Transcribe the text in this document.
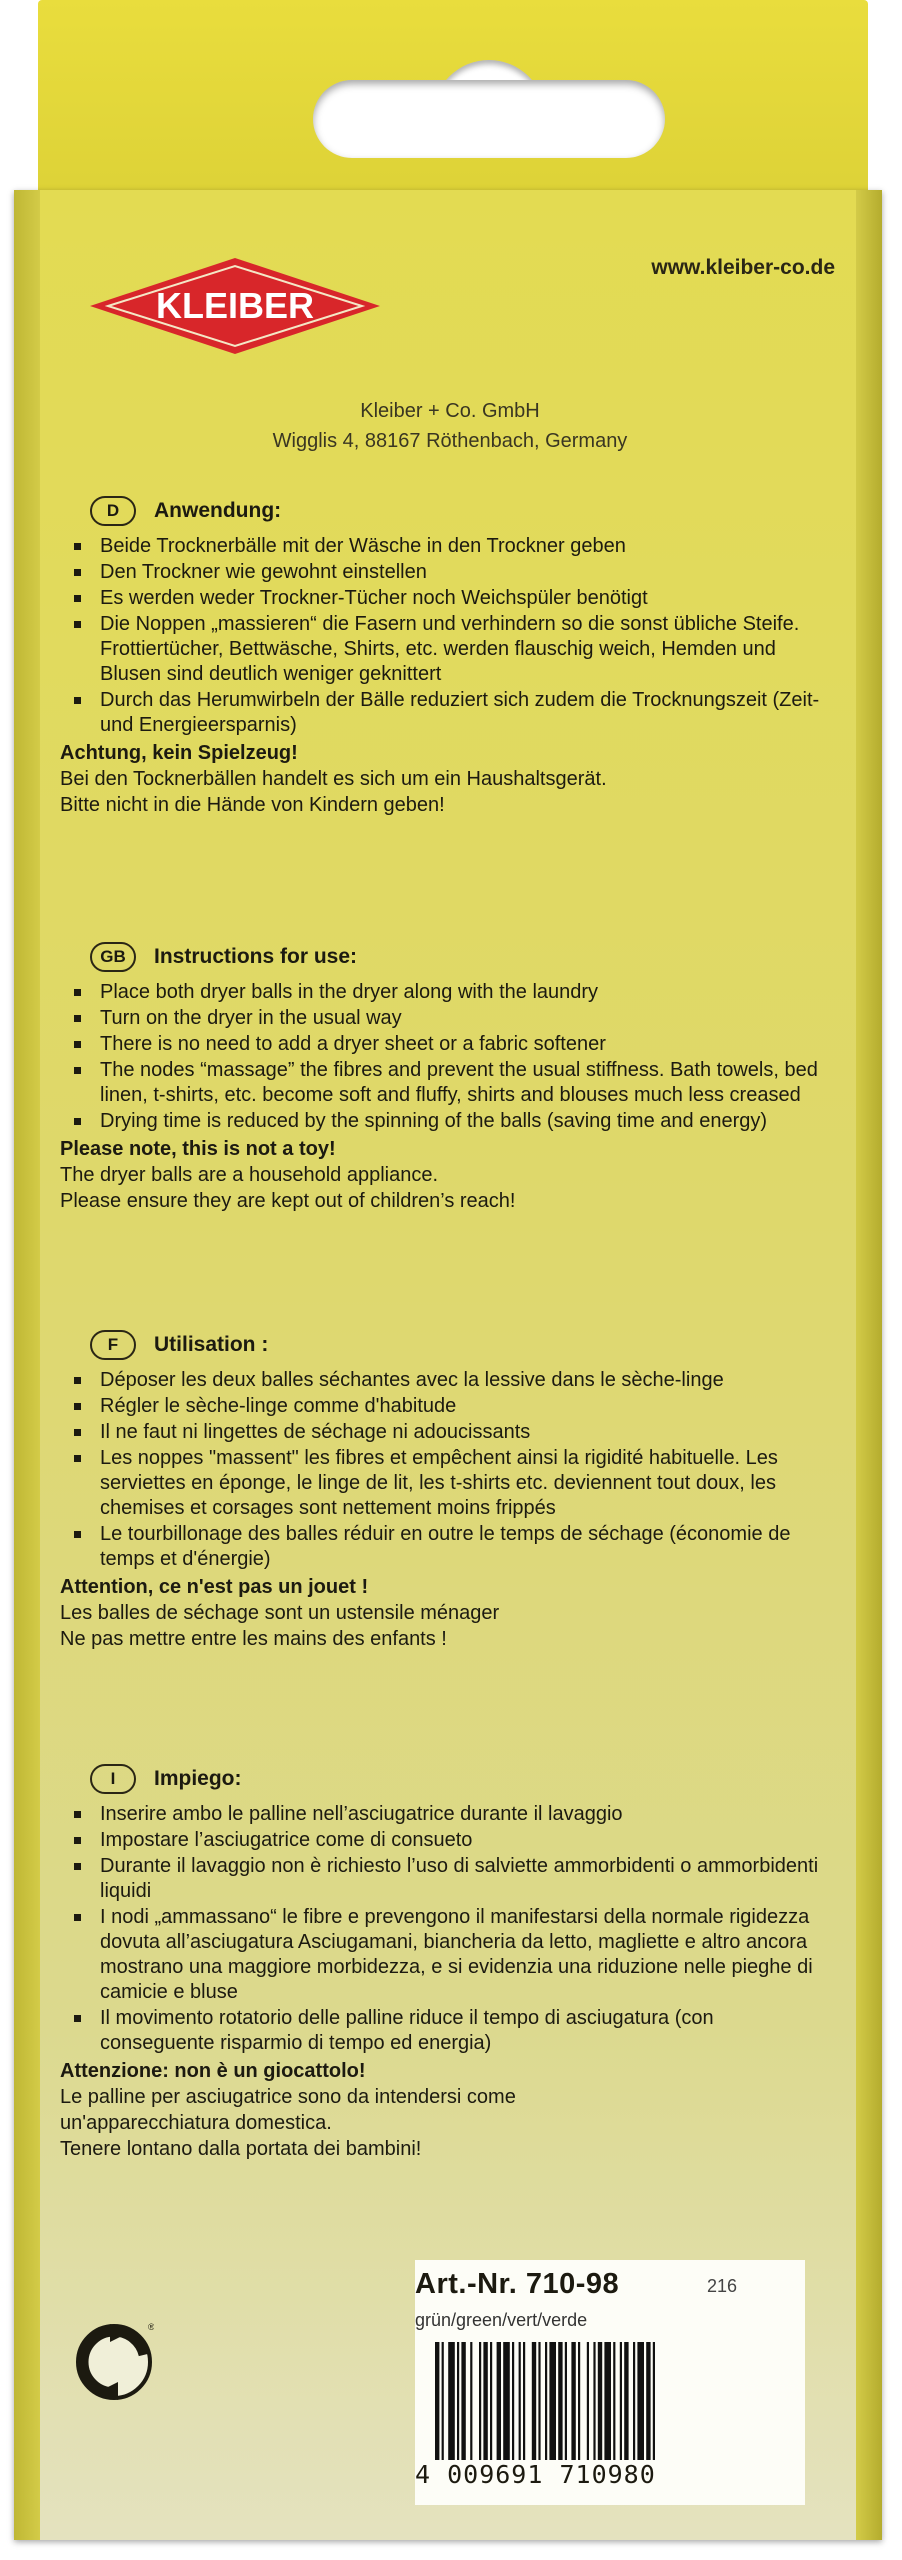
KLEIBER
www.kleiber-co.de
Kleiber + Co. GmbH
Wigglis 4, 88167 Röthenbach, Germany
D	Anwendung:
Beide Trocknerbälle mit der Wäsche in den Trockner geben
Den Trockner wie gewohnt einstellen
Es werden weder Trockner-Tücher noch Weichspüler benötigt
Die Noppen „massieren“ die Fasern und verhindern so die sonst übliche Steife. Frottiertücher, Bettwäsche, Shirts, etc. werden flauschig weich, Hemden und Blusen sind deutlich weniger geknittert
Durch das Herumwirbeln der Bälle reduziert sich zudem die Trocknungszeit (Zeit- und Energieersparnis)
Achtung, kein Spielzeug!
Bei den Tocknerbällen handelt es sich um ein Haushaltsgerät.
Bitte nicht in die Hände von Kindern geben!
GB	Instructions for use:
Place both dryer balls in the dryer along with the laundry
Turn on the dryer in the usual way
There is no need to add a dryer sheet or a fabric softener
The nodes “massage” the fibres and prevent the usual stiffness. Bath towels, bed linen, t-shirts, etc. become soft and fluffy, shirts and blouses much less creased
Drying time is reduced by the spinning of the balls (saving time and energy)
Please note, this is not a toy!
The dryer balls are a household appliance.
Please ensure they are kept out of children’s reach!
F	Utilisation :
Déposer les deux balles séchantes avec la lessive dans le sèche-linge
Régler le sèche-linge comme d'habitude
Il ne faut ni lingettes de séchage ni adoucissants
Les noppes "massent" les fibres et empêchent ainsi la rigidité habituelle. Les serviettes en éponge, le linge de lit, les t-shirts etc. deviennent tout doux, les chemises et corsages sont nettement moins frippés
Le tourbillonage des balles réduir en outre le temps de séchage (économie de temps et d'énergie)
Attention, ce n'est pas un jouet !
Les balles de séchage sont un ustensile ménager
Ne pas mettre entre les mains des enfants !
I	Impiego:
Inserire ambo le palline nell’asciugatrice durante il lavaggio
Impostare l’asciugatrice come di consueto
Durante il lavaggio non è richiesto l’uso di salviette ammorbidenti o ammorbidenti liquidi
I nodi „ammassano“ le fibre e prevengono il manifestarsi della normale rigidezza dovuta all’asciugatura Asciugamani, biancheria da letto, magliette e altro ancora mostrano una maggiore morbidezza, e si evidenzia una riduzione nelle pieghe di camicie e bluse
Il movimento rotatorio delle palline riduce il tempo di asciugatura (con conseguente risparmio di tempo ed energia)
Attenzione: non è un giocattolo!
Le palline per asciugatrice sono da intendersi come
un'apparecchiatura domestica.
Tenere lontano dalla portata dei bambini!
®
Art.-Nr. 710-98	216
grün/green/vert/verde
4 009691 710980
